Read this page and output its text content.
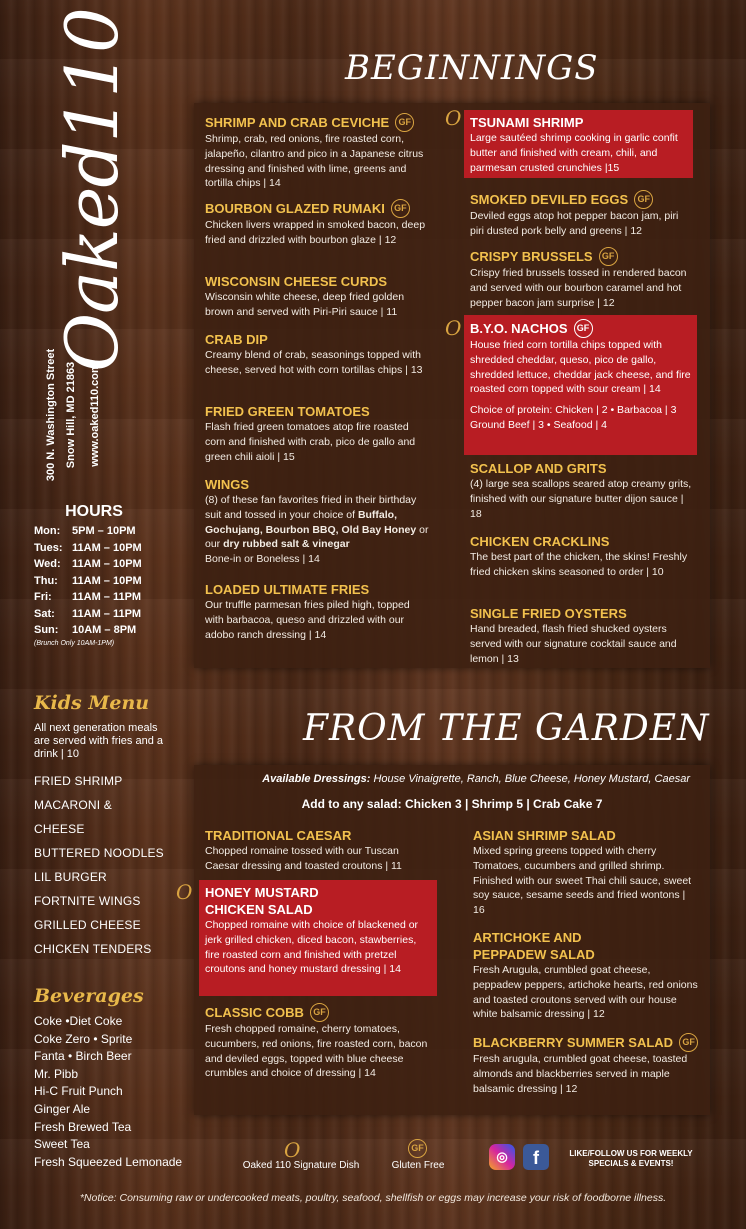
Oaked110
300 N. Washington Street Snow Hill, MD 21863 www.oaked110.com
HOURS
Mon:	5PM – 10PM
Tues: 11AM – 10PM
Wed:	11AM – 10PM
Thu:	11AM – 10PM
Fri:	11AM – 11PM
Sat:	11AM – 11PM
Sun:	10AM – 8PM
(Brunch Only 10AM-1PM)
Kids Menu
All next generation meals are served with fries and a drink | 10
FRIED SHRIMP
MACARONI & CHEESE
BUTTERED NOODLES
LIL BURGER
FORTNITE WINGS
GRILLED CHEESE
CHICKEN TENDERS
Beverages
Coke •Diet Coke
Coke Zero • Sprite
Fanta • Birch Beer
Mr. Pibb
Hi-C Fruit Punch
Ginger Ale
Fresh Brewed Tea
Sweet Tea
Fresh Squeezed Lemonade
BEGINNINGS
SHRIMP AND CRAB CEVICHE	GF

Shrimp, crab, red onions, fire roasted corn, jalapeño, cilantro and pico in a Japanese citrus dressing and finished with lime, greens and tortilla chips | 14

BOURBON GLAZED RUMAKI	GF

Chicken livers wrapped in smoked bacon, deep fried and drizzled with bourbon glaze | 12

WISCONSIN CHEESE CURDS

Wisconsin white cheese, deep fried golden brown and served with Piri-Piri sauce | 11

CRAB DIP

Creamy blend of crab, seasonings topped with cheese, served hot with corn tortillas chips | 13

FRIED GREEN TOMATOES

Flash fried green tomatoes atop fire roasted corn and finished with crab, pico de gallo and green chili aioli | 15

WINGS

(8) of these fan favorites fried in their birthday suit and tossed in your choice of Buffalo, Gochujang, Bourbon BBQ, Old Bay Honey or our dry rubbed salt & vinegar
Bone-in or Boneless | 14

LOADED ULTIMATE FRIES

Our truffle parmesan fries piled high, topped with barbacoa, queso and drizzled with our adobo ranch dressing | 14

O TSUNAMI SHRIMP

Large sautéed shrimp cooking in garlic confit butter and finished with cream, chili, and parmesan crusted crunchies |15

SMOKED DEVILED EGGS	GF

Deviled eggs atop hot pepper bacon jam, piri piri dusted pork belly and greens | 12

CRISPY BRUSSELS	GF

Crispy fried brussels tossed in rendered bacon and served with our bourbon caramel and hot pepper bacon jam surprise | 12

O B.Y.O. NACHOS	GF

House fried corn tortilla chips topped with shredded cheddar, queso, pico de gallo, shredded lettuce, cheddar jack cheese, and fire roasted corn topped with sour cream | 14

Choice of protein: Chicken | 2 • Barbacoa | 3 Ground Beef | 3 • Seafood | 4

SCALLOP AND GRITS

(4) large sea scallops seared atop creamy grits, finished with our signature butter dijon sauce | 18

CHICKEN CRACKLINS

The best part of the chicken, the skins! Freshly fried chicken skins seasoned to order | 10

SINGLE FRIED OYSTERS

Hand breaded, flash fried shucked oysters served with our signature cocktail sauce and lemon | 13

FROM THE GARDEN
Available Dressings: House Vinaigrette, Ranch, Blue Cheese, Honey Mustard, Caesar
Add to any salad: Chicken 3 | Shrimp 5 | Crab Cake 7
TRADITIONAL CAESAR

Chopped romaine tossed with our Tuscan Caesar dressing and toasted croutons | 11

O HONEY MUSTARD CHICKEN SALAD

Chopped romaine with choice of blackened or jerk grilled chicken, diced bacon, stawberries, fire roasted corn and finished with pretzel croutons and honey mustard dressing | 14

CLASSIC COBB	GF

Fresh chopped romaine, cherry tomatoes, cucumbers, red onions, fire roasted corn, bacon and deviled eggs, topped with blue cheese crumbles and choice of dressing | 14

ASIAN SHRIMP SALAD

Mixed spring greens topped with cherry Tomatoes, cucumbers and grilled shrimp. Finished with our sweet Thai chili sauce, sweet soy sauce, sesame seeds and fried wontons | 16

ARTICHOKE AND PEPPADEW SALAD

Fresh Arugula, crumbled goat cheese, peppadew peppers, artichoke hearts, red onions and toasted croutons served with our house white balsamic dressing | 12

BLACKBERRY SUMMER SALAD	GF

Fresh arugula, crumbled goat cheese, toasted almonds and blackberries served in maple balsamic dressing | 12

O
Oaked 110 Signature Dish
GF
Gluten Free
◎	f	LIKE/FOLLOW US FOR WEEKLY SPECIALS & EVENTS!
*Notice: Consuming raw or undercooked meats, poultry, seafood, shellfish or eggs may increase your risk of foodborne illness.
